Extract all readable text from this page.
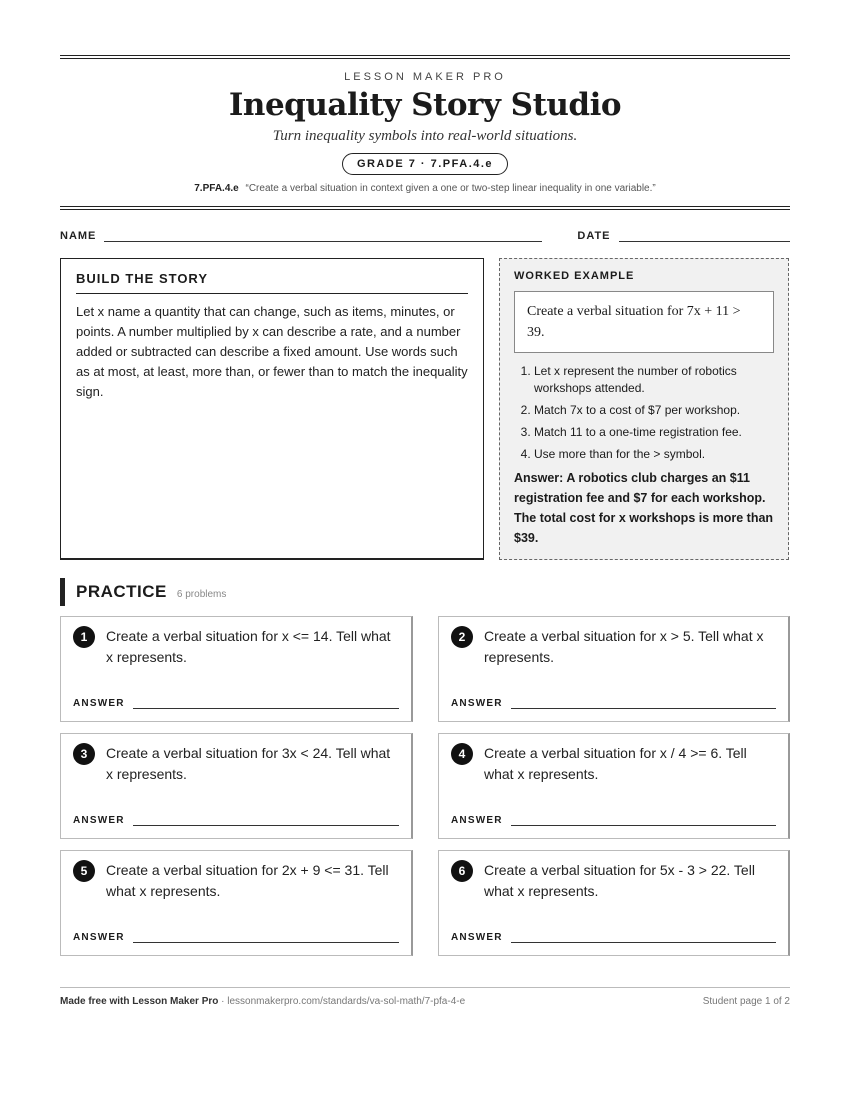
LESSON MAKER PRO
Inequality Story Studio
Turn inequality symbols into real-world situations.
GRADE 7 · 7.PFA.4.e
7.PFA.4.e “Create a verbal situation in context given a one or two-step linear inequality in one variable.”
NAME	DATE
BUILD THE STORY

Let x name a quantity that can change, such as items, minutes, or points. A number multiplied by x can describe a rate, and a number added or subtracted can describe a fixed amount. Use words such as at most, at least, more than, or fewer than to match the inequality sign.

WORKED EXAMPLE
Create a verbal situation for 7x + 11 > 39.
1. Let x represent the number of robotics workshops attended.
2. Match 7x to a cost of $7 per workshop.
3. Match 11 to a one-time registration fee.
4. Use more than for the > symbol.
Answer: A robotics club charges an $11 registration fee and $7 for each workshop. The total cost for x workshops is more than $39.
PRACTICE 6 problems
1	Create a verbal situation for x <= 14. Tell what x represents.
ANSWER
2	Create a verbal situation for x > 5. Tell what x represents.
ANSWER
3	Create a verbal situation for 3x < 24. Tell what x represents.
ANSWER
4	Create a verbal situation for x / 4 >= 6. Tell what x represents.
ANSWER
5	Create a verbal situation for 2x + 9 <= 31. Tell what x represents.
ANSWER
6	Create a verbal situation for 5x - 3 > 22. Tell what x represents.
ANSWER
Made free with Lesson Maker Pro · lessonmakerpro.com/standards/va-sol-math/7-pfa-4-e	Student page 1 of 2
